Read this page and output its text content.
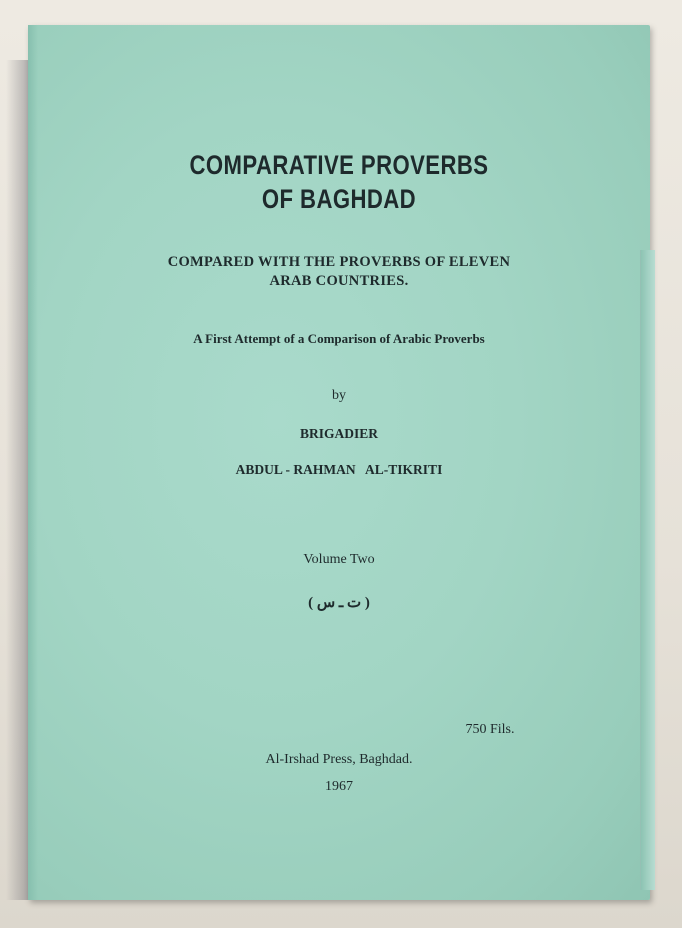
COMPARATIVE PROVERBS
OF BAGHDAD
COMPARED WITH THE PROVERBS OF ELEVEN
ARAB COUNTRIES.
A First Attempt of a Comparison of Arabic Proverbs
by
BRIGADIER
ABDUL - RAHMAN   AL-TIKRITI
Volume Two
( ت ـ س )
750 Fils.
Al-Irshad Press, Baghdad.
1967
